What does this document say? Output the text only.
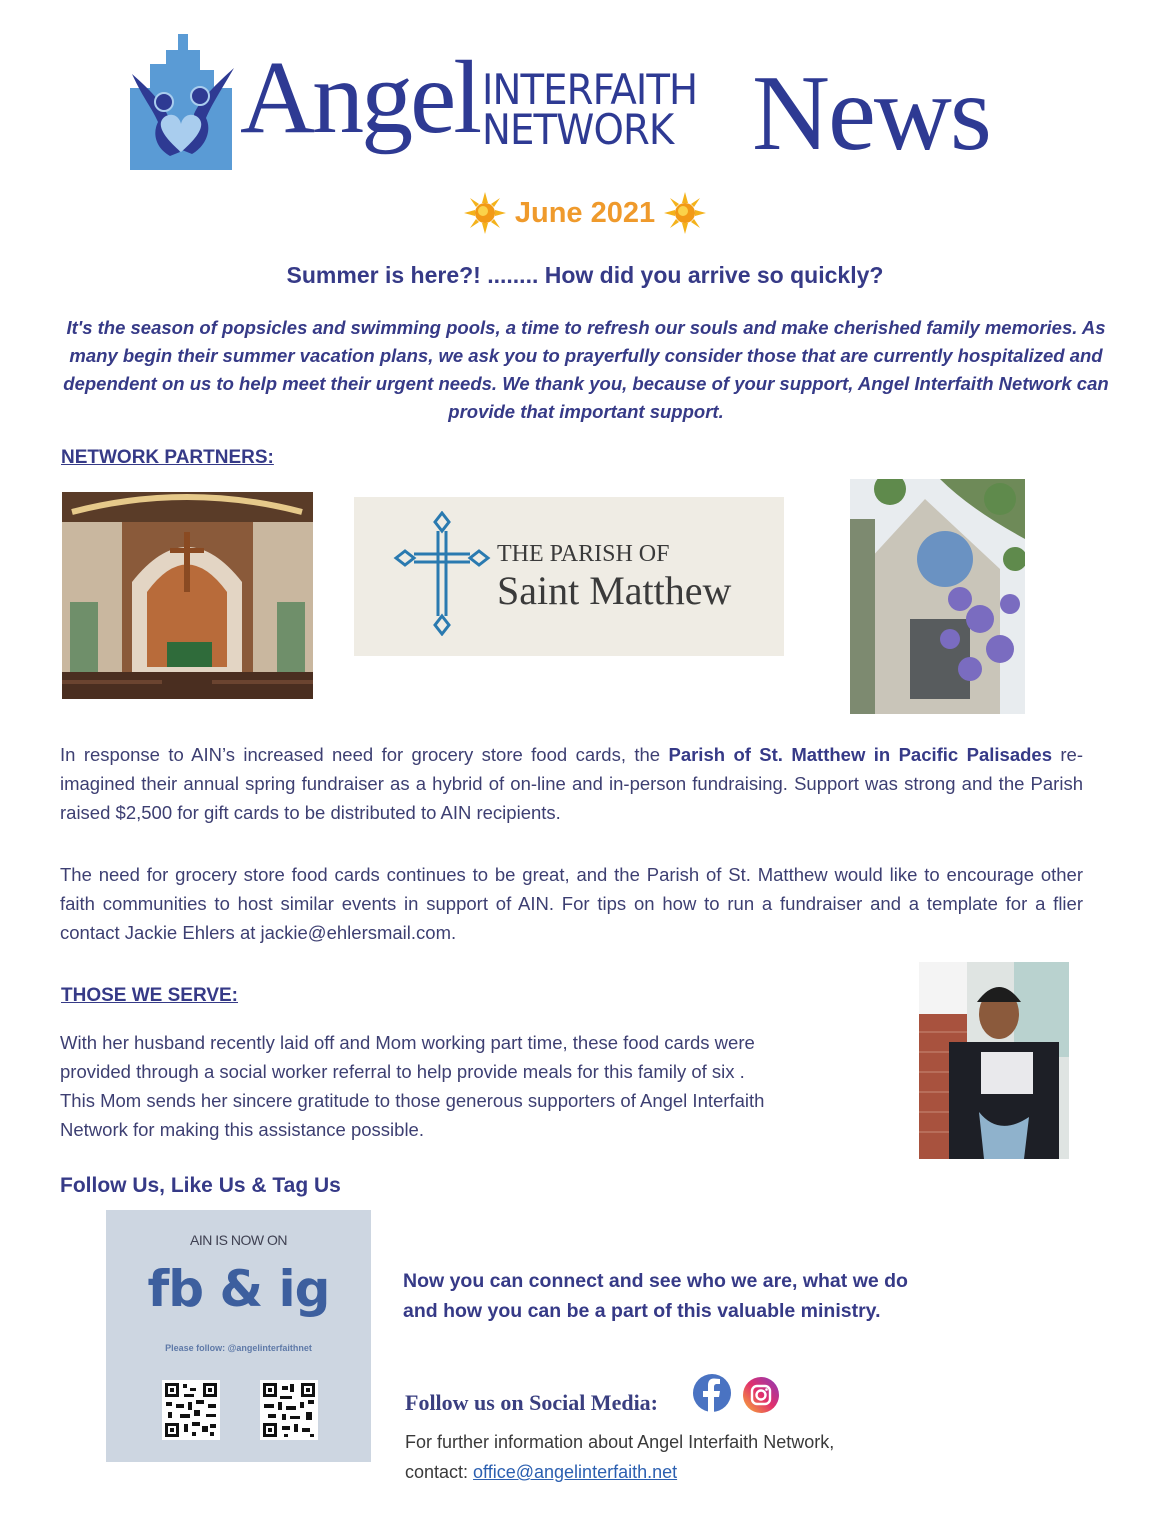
Angel INTERFAITH
NETWORK News
June 2021
Summer is here?! ........ How did you arrive so quickly?
It's the season of popsicles and swimming pools, a time to refresh our souls and make cherished family memories. As many begin their summer vacation plans, we ask you to prayerfully consider those that are currently hospitalized and dependent on us to help meet their urgent needs. We thank you, because of your support, Angel Interfaith Network can provide that important support.
NETWORK PARTNERS:
THE PARISH OF
Saint Matthew
In response to AIN’s increased need for grocery store food cards, the Parish of St. Matthew in Pacific Palisades re-imagined their annual spring fundraiser as a hybrid of on-line and in-person fundraising. Support was strong and the Parish raised $2,500 for gift cards to be distributed to AIN recipients.
The need for grocery store food cards continues to be great, and the Parish of St. Matthew would like to encourage other faith communities to host similar events in support of AIN. For tips on how to run a fundraiser and a template for a flier contact Jackie Ehlers at jackie@ehlersmail.com.
THOSE WE SERVE:
With her husband recently laid off and Mom working part time, these food cards were
provided through a social worker referral to help provide meals for this family of six .
This Mom sends her sincere gratitude to those generous supporters of Angel Interfaith
Network for making this assistance possible.
Follow Us, Like Us & Tag Us
AIN IS NOW ON
fb & ig
Please follow: @angelinterfaithnet
Now you can connect and see who we are, what we do
and how you can be a part of this valuable ministry.
Follow us on Social Media:
For further information about Angel Interfaith Network,
contact: office@angelinterfaith.net
